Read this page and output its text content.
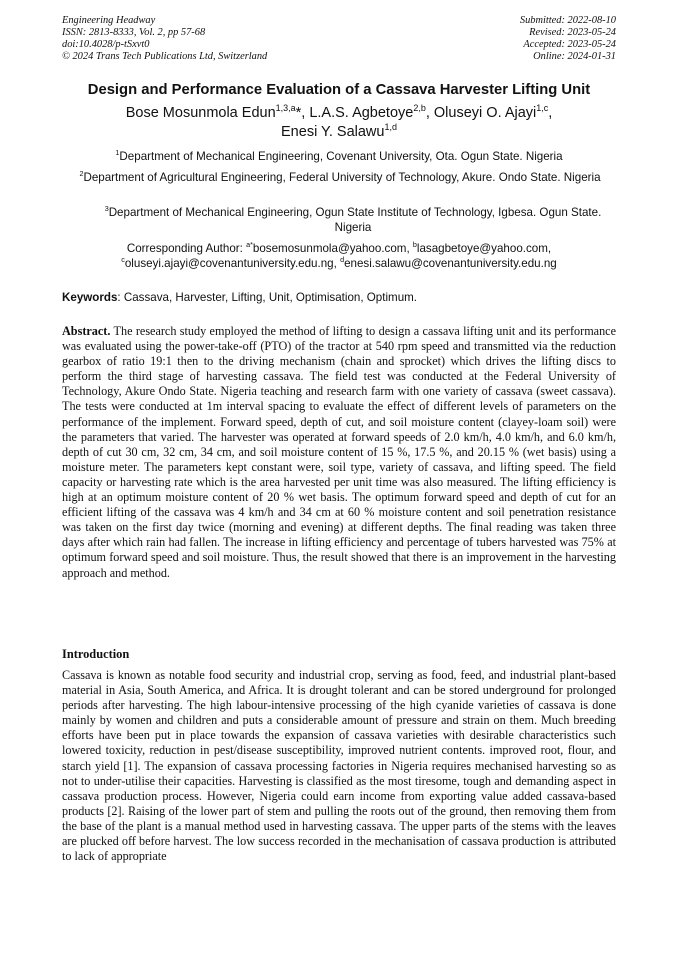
Engineering Headway
ISSN: 2813-8333, Vol. 2, pp 57-68
doi:10.4028/p-tSxvt0
© 2024 Trans Tech Publications Ltd, Switzerland
Submitted: 2022-08-10
Revised: 2023-05-24
Accepted: 2023-05-24
Online: 2024-01-31
Design and Performance Evaluation of a Cassava Harvester Lifting Unit
Bose Mosunmola Edun$^{1,3,a}$*, L.A.S. Agbetoye$^{2,b}$, Oluseyi O. Ajayi$^{1,c}$,
Enesi Y. Salawu$^{1,d}$
$^1$Department of Mechanical Engineering, Covenant University, Ota. Ogun State. Nigeria
$^2$Department of Agricultural Engineering, Federal University of Technology, Akure. Ondo State. Nigeria
$^3$Department of Mechanical Engineering, Ogun State Institute of Technology, Igbesa. Ogun State. Nigeria
Corresponding Author: $^{a*}$bosemosunmola@yahoo.com, $^b$lasagbetoye@yahoo.com,
$^c$oluseyi.ajayi@covenantuniversity.edu.ng, $^d$enesi.salawu@covenantuniversity.edu.ng
Keywords: Cassava, Harvester, Lifting, Unit, Optimisation, Optimum.

Abstract. The research study employed the method of lifting to design a cassava lifting unit and its performance was evaluated using the power-take-off (PTO) of the tractor at 540 rpm speed and transmitted via the reduction gearbox of ratio 19:1 then to the driving mechanism (chain and sprocket) which drives the lifting discs to perform the third stage of harvesting cassava. The field test was conducted at the Federal University of Technology, Akure Ondo State. Nigeria teaching and research farm with one variety of cassava (sweet cassava). The tests were conducted at 1m interval spacing to evaluate the effect of different levels of parameters on the performance of the implement. Forward speed, depth of cut, and soil moisture content (clayey-loam soil) were the parameters that varied. The harvester was operated at forward speeds of 2.0 km/h, 4.0 km/h, and 6.0 km/h, depth of cut 30 cm, 32 cm, 34 cm, and soil moisture content of 15 %, 17.5 %, and 20.15 % (wet basis) using a moisture meter. The parameters kept constant were, soil type, variety of cassava, and lifting speed. The field capacity or harvesting rate which is the area harvested per unit time was also measured. The lifting efficiency is high at an optimum moisture content of 20 % wet basis. The optimum forward speed and depth of cut for an efficient lifting of the cassava was 4 km/h and 34 cm at 60 % moisture content and soil penetration resistance was taken on the first day twice (morning and evening) at different depths. The final reading was taken three days after which rain had fallen. The increase in lifting efficiency and percentage of tubers harvested was 75% at optimum forward speed and soil moisture. Thus, the result showed that there is an improvement in the harvesting approach and method.

Introduction

Cassava is known as notable food security and industrial crop, serving as food, feed, and industrial plant-based material in Asia, South America, and Africa. It is drought tolerant and can be stored underground for prolonged periods after harvesting. The high labour-intensive processing of the high cyanide varieties of cassava is done mainly by women and children and puts a considerable amount of pressure and strain on them. Much breeding efforts have been put in place towards the expansion of cassava varieties with desirable characteristics such lowered toxicity, reduction in pest/disease susceptibility, improved nutrient contents. improved root, flour, and starch yield [1]. The expansion of cassava processing factories in Nigeria requires mechanised harvesting so as not to under-utilise their capacities. Harvesting is classified as the most tiresome, tough and demanding aspect in cassava production process. However, Nigeria could earn income from exporting value added cassava-based products [2]. Raising of the lower part of stem and pulling the roots out of the ground, then removing them from the base of the plant is a manual method used in harvesting cassava. The upper parts of the stems with the leaves are plucked off before harvest. The low success recorded in the mechanisation of cassava production is attributed to lack of appropriate
